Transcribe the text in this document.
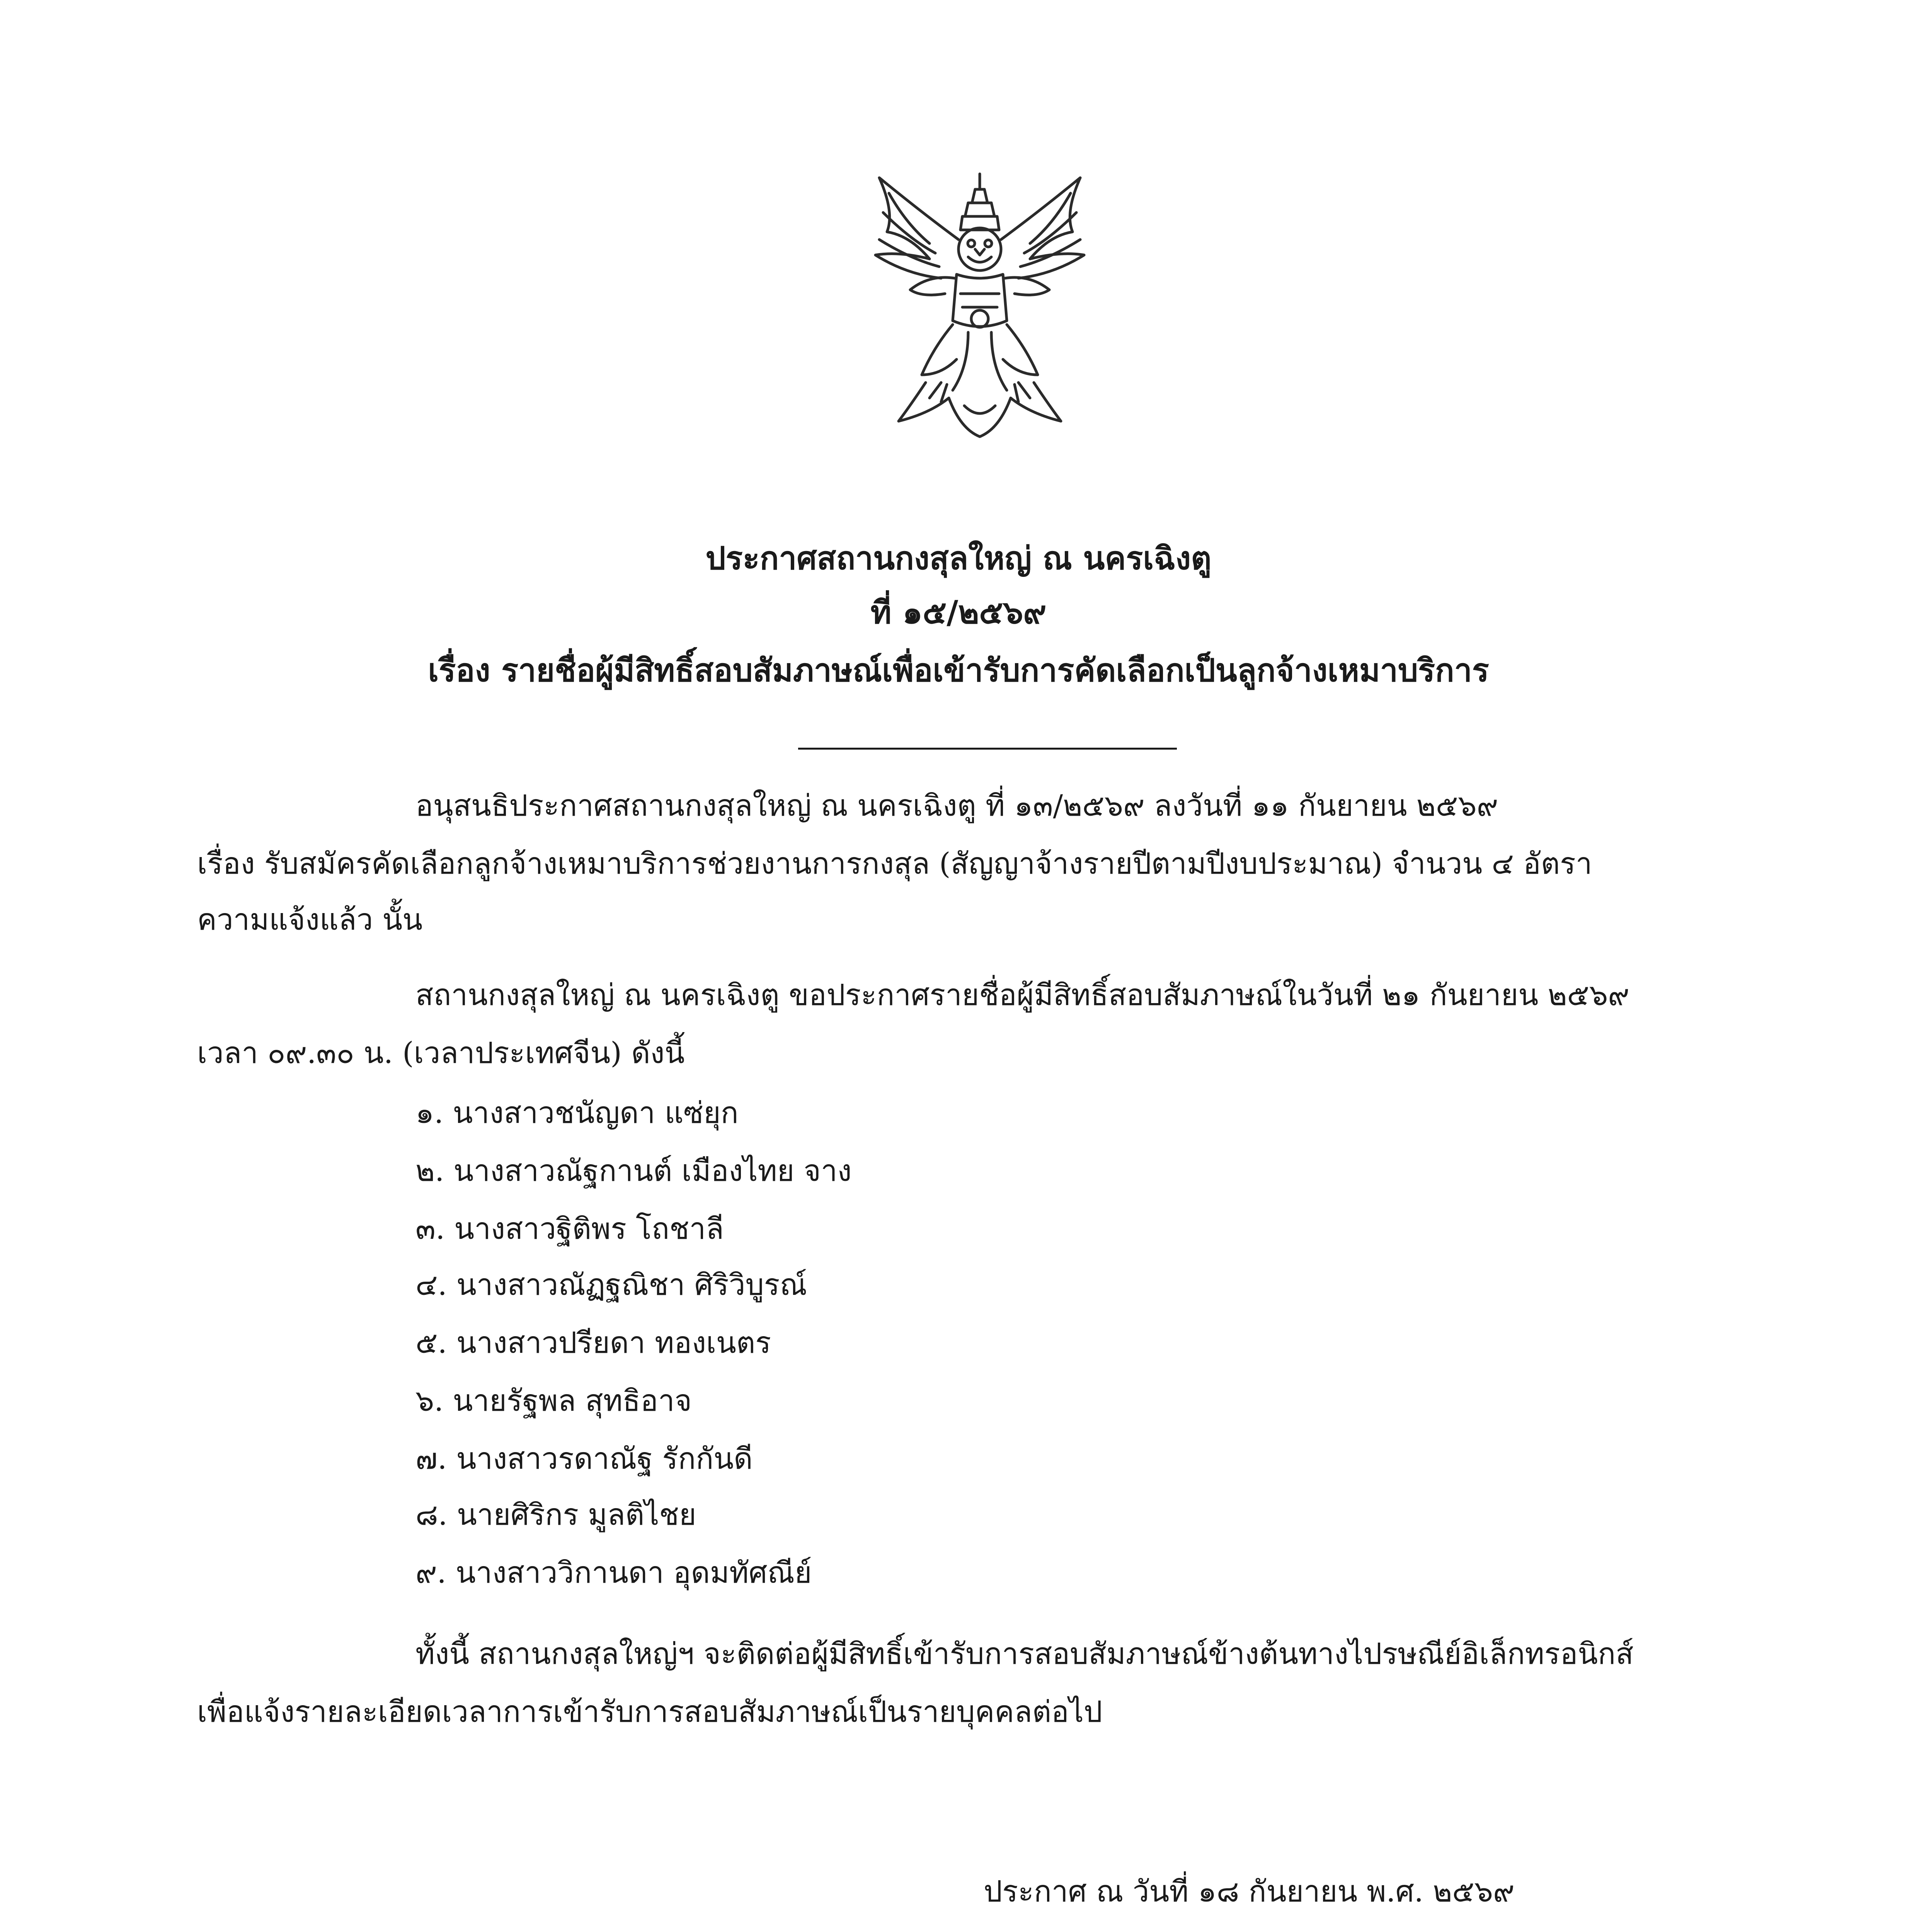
ประกาศสถานกงสุลใหญ่ ณ นครเฉิงตู
ที่ ๑๕/๒๕๖๙
เรื่อง รายชื่อผู้มีสิทธิ์สอบสัมภาษณ์เพื่อเข้ารับการคัดเลือกเป็นลูกจ้างเหมาบริการ
อนุสนธิประกาศสถานกงสุลใหญ่ ณ นครเฉิงตู ที่ ๑๓/๒๕๖๙ ลงวันที่ ๑๑ กันยายน ๒๕๖๙
เรื่อง รับสมัครคัดเลือกลูกจ้างเหมาบริการช่วยงานการกงสุล (สัญญาจ้างรายปีตามปีงบประมาณ) จำนวน ๔ อัตรา
ความแจ้งแล้ว นั้น
สถานกงสุลใหญ่ ณ นครเฉิงตู ขอประกาศรายชื่อผู้มีสิทธิ์สอบสัมภาษณ์ในวันที่ ๒๑ กันยายน ๒๕๖๙
เวลา ๐๙.๓๐ น. (เวลาประเทศจีน) ดังนี้
๑. นางสาวชนัญดา แซ่ยุก
๒. นางสาวณัฐกานต์ เมืองไทย จาง
๓. นางสาวฐิติพร โถชาลี
๔. นางสาวณัฏฐณิชา ศิริวิบูรณ์
๕. นางสาวปรียดา ทองเนตร
๖. นายรัฐพล สุทธิอาจ
๗. นางสาวรดาณัฐ รักกันดี
๘. นายศิริกร มูลติไชย
๙. นางสาววิกานดา อุดมทัศณีย์
ทั้งนี้ สถานกงสุลใหญ่ฯ จะติดต่อผู้มีสิทธิ์เข้ารับการสอบสัมภาษณ์ข้างต้นทางไปรษณีย์อิเล็กทรอนิกส์
เพื่อแจ้งรายละเอียดเวลาการเข้ารับการสอบสัมภาษณ์เป็นรายบุคคลต่อไป
ประกาศ ณ วันที่ ๑๘ กันยายน พ.ศ. ๒๕๖๙
